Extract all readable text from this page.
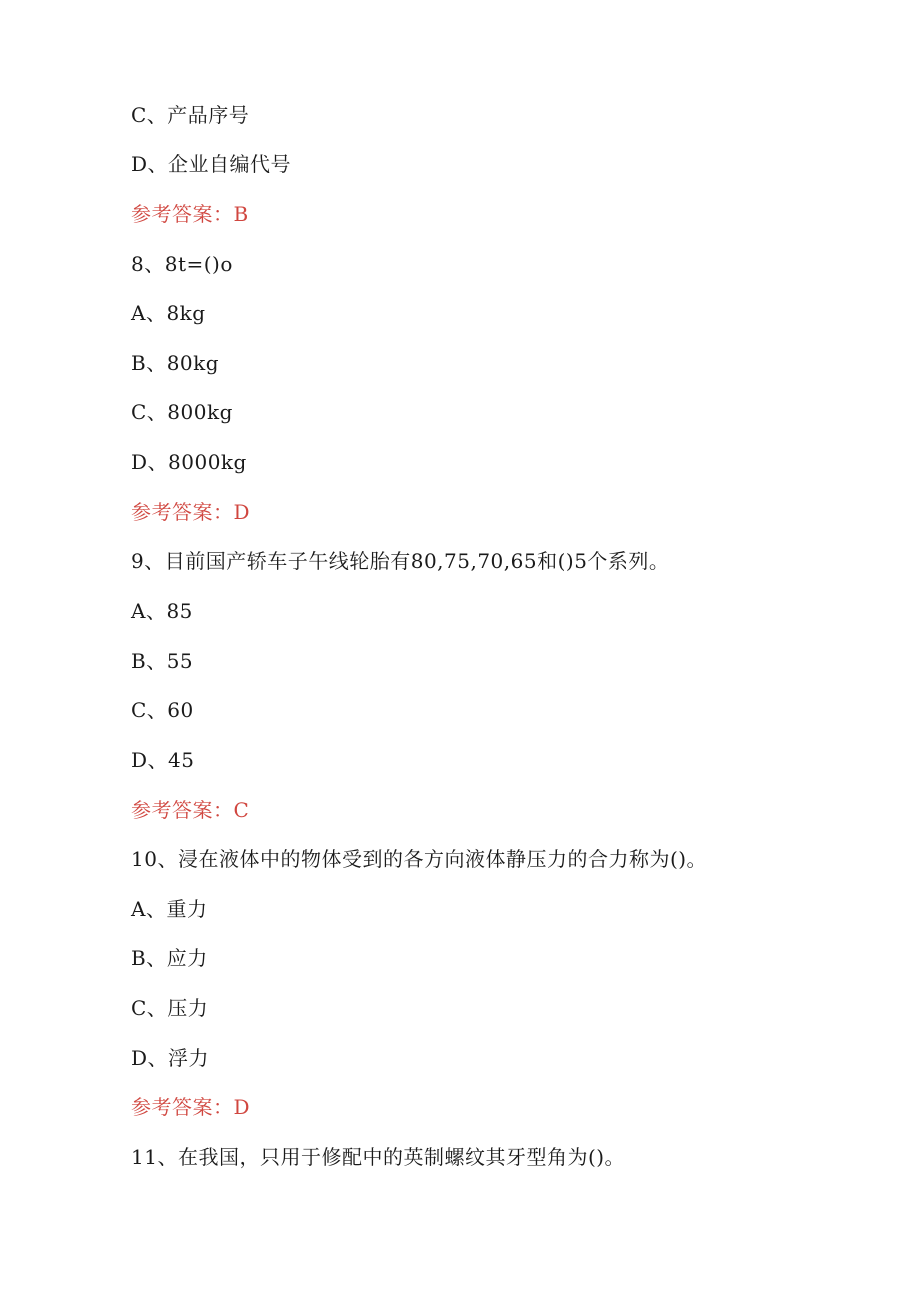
C、产品序号
D、企业自编代号
参考答案：B
8、8t=()o
A、8kg
B、80kg
C、800kg
D、8000kg
参考答案：D
9、目前国产轿车子午线轮胎有80,75,70,65和()5个系列。
A、85
B、55
C、60
D、45
参考答案：C
10、浸在液体中的物体受到的各方向液体静压力的合力称为()。
A、重力
B、应力
C、压力
D、浮力
参考答案：D
11、在我国，只用于修配中的英制螺纹其牙型角为()。
